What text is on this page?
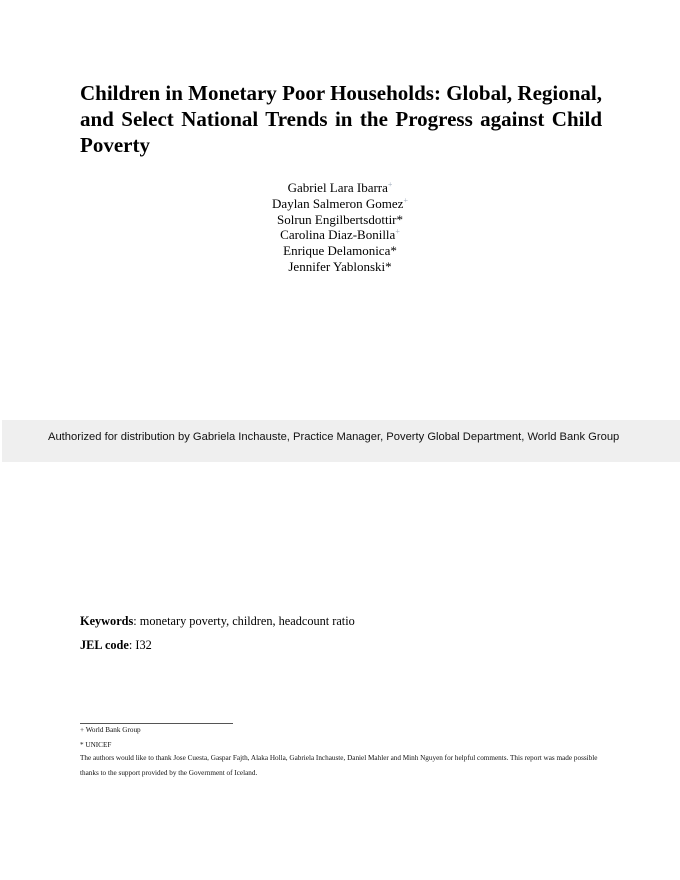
Children in Monetary Poor Households: Global, Regional, and Select National Trends in the Progress against Child Poverty
Gabriel Lara Ibarra+
Daylan Salmeron Gomez+
Solrun Engilbertsdottir*
Carolina Diaz-Bonilla+
Enrique Delamonica*
Jennifer Yablonski*
Authorized for distribution by Gabriela Inchauste, Practice Manager, Poverty Global Department, World Bank Group
Keywords: monetary poverty, children, headcount ratio
JEL code: I32
+ World Bank Group
* UNICEF
The authors would like to thank Jose Cuesta, Gaspar Fajth, Alaka Holla, Gabriela Inchauste, Daniel Mahler and Minh Nguyen for helpful comments. This report was made possible thanks to the support provided by the Government of Iceland.
